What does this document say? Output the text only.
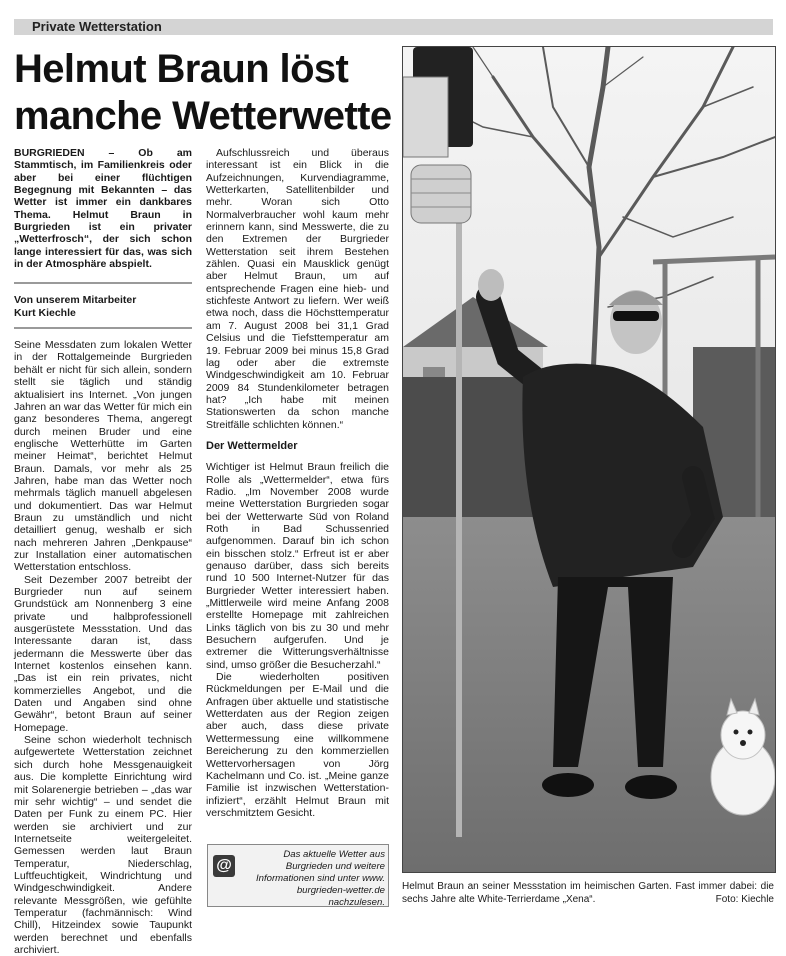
Private Wetterstation
Helmut Braun löst manche Wetterwette

BURGRIEDEN – Ob am Stammtisch, im Familienkreis oder aber bei einer flüchtigen Begegnung mit Bekannten – das Wetter ist immer ein dankbares Thema. Helmut Braun in Burgrieden ist ein privater „Wetterfrosch“, der sich schon lange interessiert für das, was sich in der Atmosphäre abspielt.

Von unserem Mitarbeiter
Kurt Kiechle

Seine Messdaten zum lokalen Wetter in der Rottalgemeinde Burgrieden behält er nicht für sich allein, sondern stellt sie täglich und ständig aktualisiert ins Internet. „Von jungen Jahren an war das Wetter für mich ein ganz besonderes Thema, angeregt durch meinen Bruder und eine englische Wetterhütte im Garten meiner Heimat“, berichtet Helmut Braun. Damals, vor mehr als 25 Jahren, habe man das Wetter noch mehrmals täglich manuell abgelesen und dokumentiert. Das war Helmut Braun zu umständlich und nicht detailliert genug, weshalb er sich nach mehreren Jahren „Denkpause“ zur Installation einer automatischen Wetterstation entschloss.

Seit Dezember 2007 betreibt der Burgrieder nun auf seinem Grundstück am Nonnenberg 3 eine private und halbprofessionell ausgerüstete Messstation. Und das Interessante daran ist, dass jedermann die Messwerte über das Internet kostenlos einsehen kann. „Das ist ein rein privates, nicht kommerzielles Angebot, und die Daten und Angaben sind ohne Gewähr“, betont Braun auf seiner Homepage.

Seine schon wiederholt technisch aufgewertete Wetterstation zeichnet sich durch hohe Messgenauigkeit aus. Die komplette Einrichtung wird mit Solarenergie betrieben – „das war mir sehr wichtig“ – und sendet die Daten per Funk zu einem PC. Hier werden sie archiviert und zur Internetseite weitergeleitet. Gemessen werden laut Braun Temperatur, Niederschlag, Luftfeuchtigkeit, Windrichtung und Windgeschwindigkeit. Andere relevante Messgrößen, wie gefühlte Temperatur (fachmännisch: Wind Chill), Hitzeindex sowie Taupunkt werden berechnet und ebenfalls archiviert.

Aufschlussreich und überaus interessant ist ein Blick in die Aufzeichnungen, Kurvendiagramme, Wetterkarten, Satellitenbilder und mehr. Woran sich Otto Normalverbraucher wohl kaum mehr erinnern kann, sind Messwerte, die zu den Extremen der Burgrieder Wetterstation seit ihrem Bestehen zählen. Quasi ein Mausklick genügt aber Helmut Braun, um auf entsprechende Fragen eine hieb- und stichfeste Antwort zu liefern. Wer weiß etwa noch, dass die Höchsttemperatur am 7. August 2008 bei 31,1 Grad Celsius und die Tiefsttemperatur am 19. Februar 2009 bei minus 15,8 Grad lag oder aber die extremste Windgeschwindigkeit am 10. Februar 2009 84 Stundenkilometer betragen hat? „Ich habe mit meinen Stationswerten da schon manche Streitfälle schlichten können.“

Der Wettermelder

Wichtiger ist Helmut Braun freilich die Rolle als „Wettermelder“, etwa fürs Radio. „Im November 2008 wurde meine Wetterstation Burgrieden sogar bei der Wetterwarte Süd von Roland Roth in Bad Schussenried aufgenommen. Darauf bin ich schon ein bisschen stolz.“ Erfreut ist er aber genauso darüber, dass sich bereits rund 10 500 Internet-Nutzer für das Burgrieder Wetter interessiert haben. „Mittlerweile wird meine Anfang 2008 erstellte Homepage mit zahlreichen Links täglich von bis zu 30 und mehr Besuchern aufgerufen. Und je extremer die Witterungsverhältnisse sind, umso größer die Besucherzahl.“

Die wiederholten positiven Rückmeldungen per E-Mail und die Anfragen über aktuelle und statistische Wetterdaten aus der Region zeigen aber auch, dass diese private Wettermessung eine willkommene Bereicherung zu den kommerziellen Wettervorhersagen von Jörg Kachelmann und Co. ist. „Meine ganze Familie ist inzwischen Wetterstation-infiziert“, erzählt Helmut Braun mit verschmitztem Gesicht.

@
Das aktuelle Wetter aus Burgrieden und weitere Informationen sind unter www. burgrieden-wetter.de nachzulesen.
Helmut Braun an seiner Messstation im heimischen Garten. Fast immer dabei: die sechs Jahre alte White-Terrierdame „Xena“.	Foto: Kiechle
